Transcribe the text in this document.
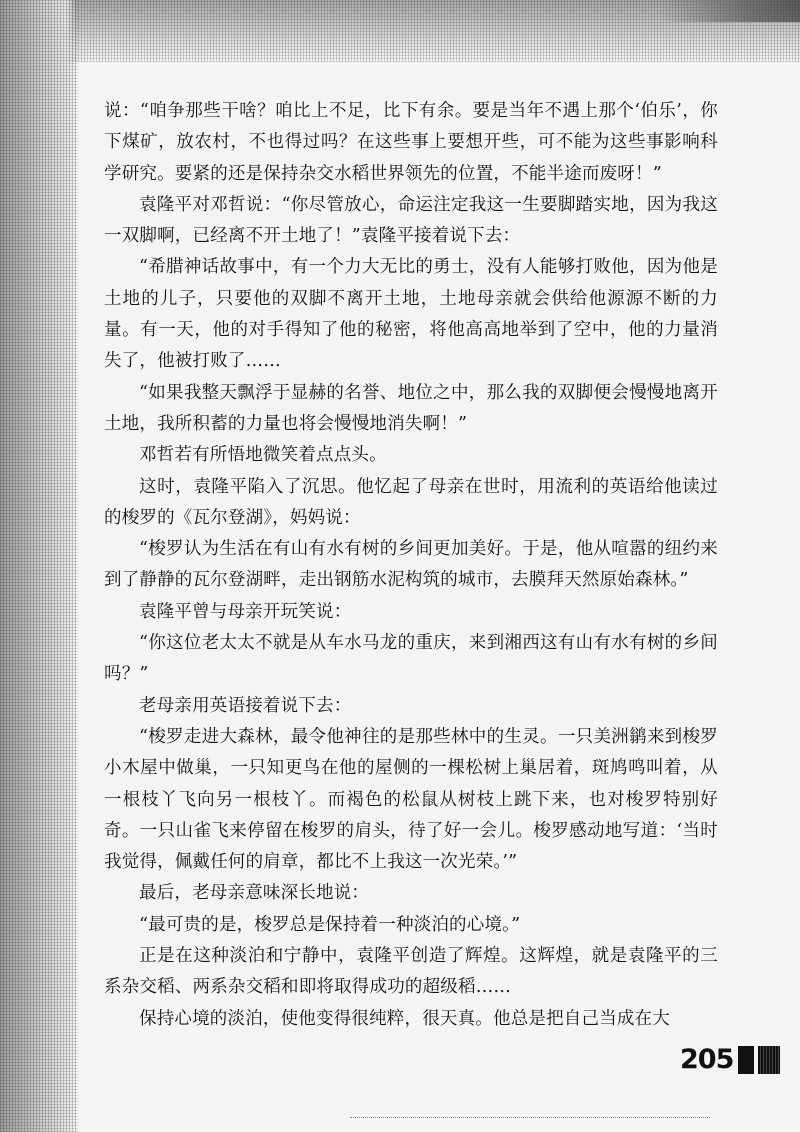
说：“咱争那些干啥？咱比上不足，比下有余。要是当年不遇上那个‘伯乐’，你下煤矿，放农村，不也得过吗？在这些事上要想开些，可不能为这些事影响科学研究。要紧的还是保持杂交水稻世界领先的位置，不能半途而废呀！”

袁隆平对邓哲说：“你尽管放心，命运注定我这一生要脚踏实地，因为我这一双脚啊，已经离不开土地了！”袁隆平接着说下去：

“希腊神话故事中，有一个力大无比的勇士，没有人能够打败他，因为他是土地的儿子，只要他的双脚不离开土地，土地母亲就会供给他源源不断的力量。有一天，他的对手得知了他的秘密，将他高高地举到了空中，他的力量消失了，他被打败了……

“如果我整天飘浮于显赫的名誉、地位之中，那么我的双脚便会慢慢地离开土地，我所积蓄的力量也将会慢慢地消失啊！”

邓哲若有所悟地微笑着点点头。

这时，袁隆平陷入了沉思。他忆起了母亲在世时，用流利的英语给他读过的梭罗的《瓦尔登湖》，妈妈说：

“梭罗认为生活在有山有水有树的乡间更加美好。于是，他从喧嚣的纽约来到了静静的瓦尔登湖畔，走出钢筋水泥构筑的城市，去膜拜天然原始森林。”

袁隆平曾与母亲开玩笑说：

“你这位老太太不就是从车水马龙的重庆，来到湘西这有山有水有树的乡间吗？”

老母亲用英语接着说下去：

“梭罗走进大森林，最令他神往的是那些林中的生灵。一只美洲鹟来到梭罗小木屋中做巢，一只知更鸟在他的屋侧的一棵松树上巢居着，斑鸠鸣叫着，从一根枝丫飞向另一根枝丫。而褐色的松鼠从树枝上跳下来，也对梭罗特别好奇。一只山雀飞来停留在梭罗的肩头，待了好一会儿。梭罗感动地写道：‘当时我觉得，佩戴任何的肩章，都比不上我这一次光荣。’”

最后，老母亲意味深长地说：

“最可贵的是，梭罗总是保持着一种淡泊的心境。”

正是在这种淡泊和宁静中，袁隆平创造了辉煌。这辉煌，就是袁隆平的三系杂交稻、两系杂交稻和即将取得成功的超级稻……

保持心境的淡泊，使他变得很纯粹，很天真。他总是把自己当成在大

205
